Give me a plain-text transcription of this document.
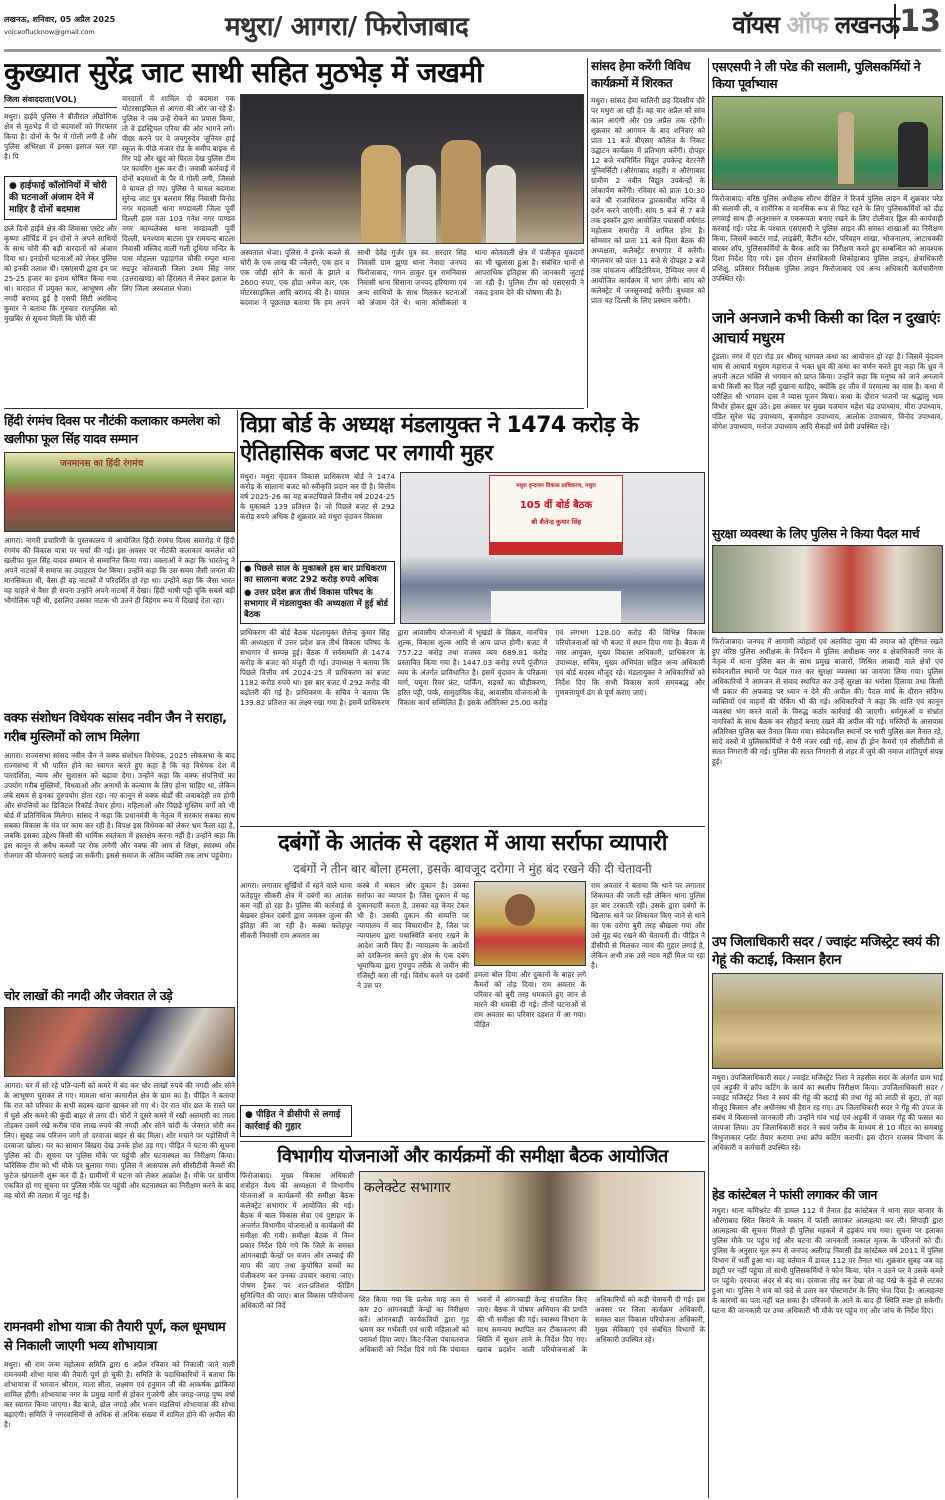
लखनऊ, शनिवार, 05 अप्रैल 2025
voiceoflucknow@gmail.com	मथुरा/ आगरा/ फिरोजाबाद	वॉयस ऑफ लखनऊ 13
कुख्यात सुरेंद्र जाट साथी सहित मुठभेड़ में जखमी
जिला संवाददाता(VOL)
मथुरा। हाईवे पुलिस ने बीतीरात औद्योगिक क्षेत्र से मुठभेड़ में दो बदमाशों को गिरफ्तार किया है। दोनों के पैर में गोली लगी है और पुलिस अभिरक्षा में इनका इलाज चल रहा है। पि
● हाईफाई कॉलोनियों में चोरी की घटनाओं अंजाम देने में माहिर है दोनों बदमाश
छले दिनों हाईवे क्षेत्र की शिवासा एस्टेट और कृष्णा ऑर्चिड में इन दोनों ने अपने साथियों के साथ चोरी की बड़ी वारदातों को अंजाम दिया था। इनदोनों घटनाओं को लेकर पुलिस को इनकी तलाश थी। एसएसपी द्वारा इन पर 25-25 हजार का इनाम घोषित किया गया था। वारदात में प्रयुक्त कार, आभूषण और नगदी बरामद हुई है एसपी सिटी अरविन्द कुमार ने बताया कि गुरुवार रातपुलिस को मुखबिर से सूचना मिली कि चोरी की
वारदातों में शामिल दो बदमाश एक मोटरसाइकिल से आगरा की ओर जा रहे हैं। पुलिस ने जब उन्हें रोकने का प्रयास किया, तो वे इंडस्ट्रियल एरिया की ओर भागने लगे। पीछा करने पर वे जयगुरुदेव जूनियर हाई स्कूल के पीछे मजार रोड के समीप बाइक से गिर पड़े और खुद को घिरता देख पुलिस टीम पर फायरिंग शुरू कर दी। जवाबी कार्रवाई में दोनों बदमाशों के पैर में गोली लगी, जिससे वे घायल हो गए। पुलिस ने घायल बदमाश सुरेन्द्र जाट पुत्र बलराम सिंह निवासी विनोद नगर मदावली थाना मण्डावली जिला पूर्वी दिल्ली हाल पता 103 गनेश नगर पाण्डव नगर काम्पलेक्स थाना मण्डावली पूर्वी दिल्ली, घनश्याम बाटला पुत्र रामचन्द बाटला निवासी मस्जिद वाली गली दूधिया मन्दिर के पास मोहल्ला पहाड़गंज चौकी रम्पुरा थाना रुद्रपुर कोतवाली जिला उधम सिंह नगर (उत्तराखण्ड) को हिरासत में लेकर इलाज के लिए जिला अस्पताल भेजा।
अस्पताल भेजा। पुलिस ने इनके कब्जे से चोरी के एक लाख की ज्वैलरी, एक हार व एक जोड़ी सोने के कानों के झाले व 2600 रुपए, एक होंडा अमेज कार, एक मोटरसाइकिल आदि बरामद की है। घायल बदमाश ने पूछताछ बताया कि हम अपने साथी देवेंद्र गुर्जर पुत्र स्व. सरदार सिंह निवासी ग्राम झुण्ड थाना नेवादा जनपद फिरोजाबाद, गगन ठाकुर पुत्र रामनिवास निवासी थाना सिसाना जनपद हरियाणा एवं अन्य साथियों के साथ मिलकर घटनाओं को अंजाम देते थे। थाना कोसीकलां व थाना कोतवाली क्षेत्र में पंजीकृत मुकदमों का भी खुलासा हुआ है। संबंधित थानों से आपराधिक इतिहास की जानकारी जुटाई जा रही है। पुलिस टीम को एसएसपी ने नकद इनाम देने की घोषणा की है।
सांसद हेमा करेंगी विविध कार्यक्रमों में शिरकत
मथुरा। सांसद हेमा मालिनी छह दिवसीय दौरे पर मथुरा आ रही हैं। वह चार अप्रैल को सांय काल आएंगी और 09 अप्रैल तक रहेंगी। शुक्रवार को आगमन के बाद शनिवार को प्रातः 11 बजे बीएसए कॉलेज के निकट उद्घाटन कार्यक्रम में प्रतिभाग करेंगी। दोपहर 12 बजे नवनिर्मित विद्युत उपकेन्द्र वेटरनेरी यूनिवर्सिटी (औरंगाबाद शहरी) व औरंगाबाद ग्रामीण 2 नवीन विद्युत उपकेन्द्रों के लोकार्पण करेंगी। रविवार को प्रातः 10:30 बजे श्री राजाधिराज द्वारकाधीश मन्दिर में दर्शन करने जाएंगी। सांय 5 बजे से 7 बजे तक इस्कॉन द्वारा आयोजित पचासवीं वर्षगांठ महोत्सव समारोह में शामिल होना है। सोमवार को प्रातः 11 बजे दिशा बैठक की अध्यक्षता, कलैक्ट्रेट सभागार में करेंगी। मंगलवार को प्रातः 11 बजे से दोपहर 2 बजे तक पांचजन्य ऑडिटोरियम, टैम्पियर नगर में आयोजित कार्यक्रम में भाग लेंगी। सांय को कलेक्ट्रेट में जनसुनवाई करेंगी। बुधवार को प्रातः वह दिल्ली के लिए प्रस्थान करेंगी।
एसएसपी ने ली परेड की सलामी, पुलिसकर्मियों ने किया पूर्वाभ्यास
फिरोजाबाद। वरिष्ठ पुलिस अधीक्षक सौरभ दीक्षित ने रिजर्व पुलिस लाइन में शुक्रवार परेड की सलामी ली, व शारीरिक व मानसिक रूप से फिट रहने के लिए पुलिसकर्मियों को दौड़ लगवाई साथ ही अनुशासन व एकरूपता बनाए रखने के लिए टोलीवार ड्रिल की कार्यवाही करवाई गई। परेड के पश्चात एसएसपी ने पुलिस लाइन की समस्त शाखाओं का निरीक्षण किया, जिसमें क्वार्टर गार्ड, लाइब्रेरी, कैंटीन स्टोर, परिवहन शाखा, भोजनालय, आटाचक्की बारबर शॉप, पुलिसकर्मियों के बैरक आदि का निरीक्षण करते हुए सम्बन्धित को आवश्यक दिशा निर्देश दिए गये। इस दौरान क्षेत्राधिकारी शिकोहाबाद पुलिस लाइन, क्षेत्राधिकारी प्रशिक्षु, प्रतिसार निरीक्षक पुलिस लाइन फिरोजाबाद एवं अन्य अधिकारी कर्मचारीगण उपस्थित रहे।
जाने अनजाने कभी किसी का दिल न दुखाएंः आचार्य मधुरम
टूंडला। नगर में एटा रोड़ पर श्रीमद् भागवत कथा का आयोजन हो रहा है। जिसमें वृंदावन धाम से आचार्य मधुरम महाराज ने भक्त ध्रुव की कथा का वर्णन करते हुए कहा कि ध्रुव ने अपनी अटल भक्ति से भगवान को प्राप्त किया। उन्होंने कहा कि मनुष्य को जाने अनजाने कभी किसी का दिल नहीं दुखाना चाहिए, क्योंकि हर जीव में परमात्मा का वास है। कथा में परीक्षित श्री भगवान दास ने व्यास पूजन किया। कथा के दौरान भजनों पर श्रद्धालु भाव विभोर होकर झूम उठे। इस अवसर पर मुख्य यजमान महेश चंद्र उपाध्याय, मीरा उपाध्याय, पंडित सुरेश चंद्र उपाध्याय, बृजमोहन उपाध्याय, आलोक उपाध्याय, विनोद उपाध्याय, योगेश उपाध्याय, मनोज उपाध्याय आदि सैकड़ों धर्म प्रेमी उपस्थित रहे।
सुरक्षा व्यवस्था के लिए पुलिस ने किया पैदल मार्च
फिरोजाबाद। जनपद में आगामी त्योहारों एवं अलविदा जुमा की नमाज को दृष्टिगत रखते हुए वरिष्ठ पुलिस अधीक्षक के निर्देशन में पुलिस अधीक्षक नगर व क्षेत्राधिकारी नगर के नेतृत्व में थाना पुलिस बल के साथ प्रमुख बाजारों, मिश्रित आबादी वाले क्षेत्रों एवं संवेदनशील स्थानों पर पैदल गश्त कर सुरक्षा व्यवस्था का जायजा लिया गया। पुलिस अधिकारियों ने आमजन से संवाद स्थापित कर उन्हें सुरक्षा का भरोसा दिलाया तथा किसी भी प्रकार की अफवाह पर ध्यान न देने की अपील की। पैदल मार्च के दौरान संदिग्ध व्यक्तियों एवं वाहनों की चेकिंग भी की गई। अधिकारियों ने कहा कि शांति एवं कानून व्यवस्था भंग करने वालों के विरुद्ध कठोर कार्रवाई की जाएगी। धर्मगुरुओं व संभ्रांत नागरिकों के साथ बैठक कर सौहार्द बनाए रखने की अपील की गई। मस्जिदों के आसपास अतिरिक्त पुलिस बल तैनात किया गया। संवेदनशील स्थानों पर भारी पुलिस बल तैनात रहे, सादे वस्त्रों में पुलिसकर्मियों ने पैनी नजर रखी गई, साथ ही ड्रोन कैमरों एवं सीसीटीवी से सतत निगरानी की गई। पुलिस की सतत निगरानी से शहर में जुमे की नमाज शांतिपूर्ण संपन्न हुई।
उप जिलाधिकारी सदर / ज्वाइंट मजिस्ट्रेट स्वयं की गेहूं की कटाई, किसान हैरान
मथुरा। उपजिलाधिकारी सदर / ज्वाइंट मजिस्ट्रेट निशा ने तहसील सदर के अंतर्गत ग्राम भाई एवं अड़ूकी में क्रॉप कटिंग के कार्य का स्थलीय निरीक्षण किया। उपजिलाधिकारी सदर / ज्वाइंट मजिस्ट्रेट निशा ने स्वयं की गेहूं की कटाई की तथा गेहूं को लाठी से कूटा, तो वहां मौजूद किसान और अधीनस्थ भी हैरान रह गए। उप जिलाधिकारी सदर ने गेंहू की उपज के संबंध में किसानसे जानकारी ली। उन्होंने गांव भाई एवं अड़ूकी में जाकर गेंहू की फसल का जायजा लिया। उप जिलाधिकारी सदर ने स्वयं जरीब के माध्यम से 10 मीटर का समबाहु त्रिभुजाकार प्लॉट तैयार कराया तथा क्रॉप कटिंग करायी। इस दौरान राजस्व विभाग के अधिकारी व कर्मचारी उपस्थित रहे।
हेड कांस्टेबल ने फांसी लगाकर की जान
मथुरा। थाना कमिश्नरेट की डायल 112 में तैनात हेड कांस्टेबल ने थाना सदर बाजार के औरंगाबाद स्थित किराये के मकान में फांसी लगाकर आत्महत्या कर ली। सिपाही द्वारा आत्महत्या की सूचना मिलते ही पुलिस महकमे में हड़कंप मच गया। सूचना पर इलाका पुलिस मौके पर पहुंच गई और घटना की जानकारी तत्काल मृतक के परिजनों को दी। पुलिस के अनुसार मूल रूप से जनपद अलीगढ़ निवासी हेड कांस्टेबल वर्ष 2011 में पुलिस विभाग में भर्ती हुआ था। वह वर्तमान में डायल 112 पर तैनात था। शुक्रवार सुबह जब वह ड्यूटी पर नहीं पहुंचा तो साथी पुलिसकर्मियों ने फोन किया, फोन न उठने पर वे उसके कमरे पर पहुंचे। दरवाजा अंदर से बंद था। दरवाजा तोड़ कर देखा तो वह पंखे के कुंडे से लटका हुआ था। पुलिस ने शव को फंदे से उतार कर पोस्टमार्टम के लिए भेज दिया है। आत्महत्या के कारणों का पता नहीं चल सका है। परिजनों के आने के बाद ही स्थिति स्पष्ट हो सकेगी। घटना की जानकारी पर उच्च अधिकारी भी मौके पर पहुंच गए और जांच के निर्देश दिए।
हिंदी रंगमंच दिवस पर नौटंकी कलाकार कमलेश को खलीफा फूल सिंह यादव सम्मान
जनमानस का हिंदी रंगमंच
आगरा। नागरी प्रचारिणी के पुस्तकालय में आयोजित हिंदी रंगमंच दिवस समारोह में हिंदी रंगमंच की विकास यात्रा पर चर्चा की गई। इस अवसर पर नौटंकी कलाकार कमलेश को खलीफा फूल सिंह यादव सम्मान से सम्मानित किया गया। वक्ताओं ने कहा कि भारतेन्दु ने अपने नाटकों में समाज का उदाहरण पेश किया। उन्होंने कहा कि उस समय जैसी जनता की मानसिकता थी, वैसा ही वह नाटकों में परिदर्शित हो रहा था। उन्होंने कहा कि जैसा भारत वह चाहते थे वैसा ही सपना उन्होंने अपने नाटकों में देखा। हिंदी भाषी पट्टी चूंकि सबसे बड़ी भौगोलिक पट्टी थी, इसलिए उसका नाटक भी उतने ही विहंगम रूप में दिखाई देता रहा।
वक्फ संशोधन विधेयक सांसद नवीन जैन ने सराहा, गरीब मुस्लिमों को लाभ मिलेगा
आगरा। राज्यसभा सांसद नवीन जैन ने वक्फ संशोधन विधेयक, 2025 लोकसभा के बाद राज्यसभा में भी पारित होने का स्वागत करते हुए कहा है कि यह विधेयक देश में पारदर्शिता, न्याय और सुशासन को बढ़ावा देगा। उन्होंने कहा कि वक्फ संपत्तियों का उपयोग गरीब मुस्लिमों, विधवाओं और अनाथों के कल्याण के लिए होना चाहिए था, लेकिन लंबे समय से इनका दुरुपयोग होता रहा। नए कानून से वक्फ बोर्डों की जवाबदेही तय होगी और संपत्तियों का डिजिटल रिकॉर्ड तैयार होगा। महिलाओं और पिछड़े मुस्लिम वर्गों को भी बोर्ड में प्रतिनिधित्व मिलेगा। सांसद ने कहा कि प्रधानमंत्री के नेतृत्व में सरकार सबका साथ सबका विकास के मंत्र पर काम कर रही है। विपक्ष इस विधेयक को लेकर भ्रम फैला रहा है, जबकि इसका उद्देश्य किसी की धार्मिक स्वतंत्रता में हस्तक्षेप करना नहीं है। उन्होंने कहा कि इस कानून से अवैध कब्जों पर रोक लगेगी और वक्फ की आय से शिक्षा, स्वास्थ्य और रोजगार की योजनाएं चलाई जा सकेंगी। इससे समाज के अंतिम व्यक्ति तक लाभ पहुंचेगा।
चोर लाखों की नगदी और जेवरात ले उड़े
आगरा। घर में सो रहे पति-पत्नी को कमरे में बंद कर चोर लाखों रुपये की नगदी और सोने के आभूषण चुराकर ले गए। मामला थाना कागारौल क्षेत्र के ग्राम का है। पीड़ित ने बताया कि रात को परिवार के सभी सदस्य खाना खाकर सो गए थे। देर रात चोर छत के रास्ते घर में घुसे और कमरे की कुंडी बाहर से लगा दी। चोरों ने दूसरे कमरे में रखी अलमारी का ताला तोड़कर उसमें रखे करीब पांच लाख रुपये की नगदी और सोने चांदी के जेवरात चोरी कर लिए। सुबह जब परिजन जागे तो दरवाजा बाहर से बंद मिला। शोर मचाने पर पड़ोसियों ने दरवाजा खोला। घर का सामान बिखरा देख उनके होश उड़ गए। पीड़ित ने घटना की सूचना पुलिस को दी। सूचना पर पुलिस मौके पर पहुंची और घटनास्थल का निरीक्षण किया। फॉरेंसिक टीम को भी मौके पर बुलाया गया। पुलिस ने आसपास लगे सीसीटीवी कैमरों की फुटेज खंगालनी शुरू कर दी है। ग्रामीणों में घटना को लेकर आक्रोश है। मौके पर ग्रामीण एकत्रित हो गए सूचना पर पुलिस मौके पर पहुंची और घटनास्थल का निरीक्षण करने के बाद वह चोरों की तलाश में जुट गई है।
रामनवमी शोभा यात्रा की तैयारी पूर्ण, कल धूमधाम से निकाली जाएगी भव्य शोभायात्रा
मथुरा। श्री राम जन्म महोत्सव समिति द्वारा 6 अप्रैल रविवार को निकाली जाने वाली रामनवमी शोभा यात्रा की तैयारी पूर्ण हो चुकी है। समिति के पदाधिकारियों ने बताया कि शोभायात्रा में भगवान श्रीराम, माता सीता, लक्ष्मण एवं हनुमान जी की आकर्षक झांकियां शामिल होंगी। शोभायात्रा नगर के प्रमुख मार्गों से होकर गुजरेगी और जगह-जगह पुष्प वर्षा कर स्वागत किया जाएगा। बैंड बाजे, ढोल नगाड़े और भजन मंडलियां शोभायात्रा की शोभा बढ़ाएंगी। समिति ने नगरवासियों से अधिक से अधिक संख्या में शामिल होने की अपील की है।
विप्रा बोर्ड के अध्यक्ष मंडलायुक्त ने 1474 करोड़ के ऐतिहासिक बजट पर लगायी मुहर
मथुरा। मथुरा वृंदावन विकास प्राधिकरण बोर्ड ने 1474 करोड़ के सालाना बजट को स्वीकृति प्रदान कर दी है। वित्तीय वर्ष 2025-26 का यह बजटपिछले वित्तीय वर्ष 2024-25 के मुकाबले 139 प्रतिशत है। जो पिछले बजट से 292 करोड़ रुपये अधिक है शुक्रवार को मथुरा वृंदावन विकास
● पिछले साल के मुकाबले इस बार प्राधिकरण का सालाना बजट 292 करोड़ रुपये अधिक
● उत्तर प्रदेश ब्रज तीर्थ विकास परिषद के सभागार में मंडलायुक्त की अध्यक्षता में हुई बोर्ड बैठक
मथुरा वृन्दावन विकास प्राधिकरण, मथुरा
105 वीं बोर्ड बैठक
श्री शैलेन्द्र कुमार सिंह
प्राधिकरण की बोर्ड बैठक मंडलायुक्त शैलेन्द्र कुमार सिंह की अध्यक्षता में उत्तर प्रदेश ब्रज तीर्थ विकास परिषद के सभागार में सम्पन्न हुई। बैठक में सर्वसम्मति से 1474 करोड़ के बजट को मंजूरी दी गई। उपाध्यक्ष ने बताया कि पिछले वित्तीय वर्ष 2024-25 में प्राधिकरण का बजट 1182 करोड़ रुपये था। इस बार बजट में 292 करोड़ की बढ़ोतरी की गई है। प्राधिकरण के सचिव ने बताया कि 139.82 प्रतिशत का लक्ष्य रखा गया है। इसमें प्राधिकरण द्वारा आवासीय योजनाओं में भूखंडों के विक्रय, मानचित्र शुल्क, विकास शुल्क आदि से आय प्राप्त होगी। बजट में 757.22 करोड़ तथा राजस्व व्यय 689.81 करोड़ प्रस्तावित किया गया है। 1447.03 करोड़ रुपये पूंजीगत व्यय के अंतर्गत प्राविधानित है। इसमें वृंदावन के परिक्रमा मार्ग, यमुना रिवर फ्रंट, पार्किंग, सड़कों का चौड़ीकरण, हरित पट्टी, पार्क, सामुदायिक केंद्र, आवासीय योजनाओं के विकास कार्य सम्मिलित हैं। इसके अतिरिक्त 25.00 करोड़ एवं लगभग 128.00 करोड़ की विभिन्न विकास परियोजनाओं को भी बजट में स्थान दिया गया है। बैठक में नगर आयुक्त, मुख्य विकास अधिकारी, प्राधिकरण के उपाध्यक्ष, सचिव, मुख्य अभियंता सहित अन्य अधिकारी एवं बोर्ड सदस्य मौजूद रहे। मंडलायुक्त ने अधिकारियों को निर्देश दिए कि सभी विकास कार्य समयबद्ध और गुणवत्तापूर्ण ढंग से पूर्ण कराए जाएं।
दबंगों के आतंक से दहशत में आया सर्राफा व्यापारी
दबंगों ने तीन बार बोला हमला, इसके बावजूद दरोगा ने मुंह बंद रखने की दी चेतावनी
आगरा। लगातार सुर्खियों में रहने वाले थाना फतेहपुर सीकरी क्षेत्र में दबंगों का आतंक कम नहीं हो रहा है। पुलिस की कार्रवाई से बेखबर होकर दबंगों द्वारा जमकर जुल्म की इंतिहा की जा रही है। कस्बा फतेहपुर सीकरी निवासी राम अवतार का
● पीड़ित ने डीसीपी से लगाई कार्रवाई की गुहार
कस्बे में मकान और दुकान है। उसका सर्राफा का व्यापार है। जिस दुकान में वह दुकानदारी करता है, उसका वह केयर टेकर भी है। उसकी दुकान की सम्पत्ति पर न्यायालय में वाद विचाराधीन है, जिस पर न्यायालय द्वारा यथास्थिति बनाए रखने के आदेश जारी किए हैं। न्यायालय के आदेशों को दरकिनार करते हुए क्षेत्र के एक दबंग भूमाफिया द्वारा गुपचुप तरीके से जमीन की रजिस्ट्री करा ली गई। विरोध करने पर दबंगों ने उस पर
हमला बोल दिया और दुकानों के बाहर लगे कैमरों को तोड़ दिया। राम अवतार के परिवार को बुरी तरह धमकाते हुए जान से मारने की धमकी दी गई। तीनों घटनाओं से राम अवतार का परिवार दहशत में आ गया। पीड़ित
राम अवतार ने बताया कि थाने पर लगातार शिकायत की जाती रही लेकिन थाना पुलिस हर बार टरकाती रही। उसके द्वारा दबंगों के खिलाफ थाने पर शिकायत किए जाने से थाने का एक दरोगा बुरी तरह बौखला गया और उसे मुंह बंद रखने की चेतावनी दी। पीड़ित ने डीसीपी से मिलकर न्याय की गुहार लगाई है, लेकिन अभी तक उसे न्याय नहीं मिल पा रहा है।
विभागीय योजनाओं और कार्यक्रमों की समीक्षा बैठक आयोजित
फिरोजाबाद। मुख्य विकास अधिकारी शत्रोहन वैश्य की अध्यक्षता में विभागीय योजनाओं व कार्यक्रमों की समीक्षा बैठक कलेक्ट्रेट सभागार में आयोजित की गई। बैठक में बाल विकास सेवा एवं पुष्टाहार के अन्तर्गत विभागीय योजनाओं व कार्यक्रमों की समीक्षा की गयी। समीक्षा बैठक में निम्न प्रकार निर्देश दिये गये कि जिले के समस्त आंगनबाड़ी केन्द्रों पर वजन और लम्बाई की माप की जाए तथा कुपोषित बच्चों का पंजीकरण कर उनका उपचार कराया जाए। पोषण ट्रैकर पर शत-प्रतिशत फीडिंग सुनिश्चित की जाए। बाल विकास परियोजना अधिकारी को निर्दे
कलेक्टेट सभागार
शित किया गया कि प्रत्येक माह कम से कम 20 आंगनबाड़ी केन्द्रों का निरीक्षण करें। आंगनबाड़ी कार्यकत्रियों द्वारा गृह भ्रमण कर गर्भवती एवं धात्री महिलाओं को परामर्श दिया जाए। किट-जिला पंचायतराज अधिकारी को निर्देश दिये गये कि पंचायत भवनों में आंगनबाड़ी केन्द्र संचालित किए जाएं। बैठक में पोषण अभियान की प्रगति की भी समीक्षा की गई। स्वास्थ्य विभाग के साथ समन्वय स्थापित कर टीकाकरण की स्थिति में सुधार लाने के निर्देश दिए गए। खराब प्रदर्शन वाली परियोजनाओं के अधिकारियों को कड़ी चेतावनी दी गई। इस अवसर पर जिला कार्यक्रम अधिकारी, समस्त बाल विकास परियोजना अधिकारी, मुख्य सेविकाएं एवं संबंधित विभागों के अधिकारी उपस्थित रहे।
